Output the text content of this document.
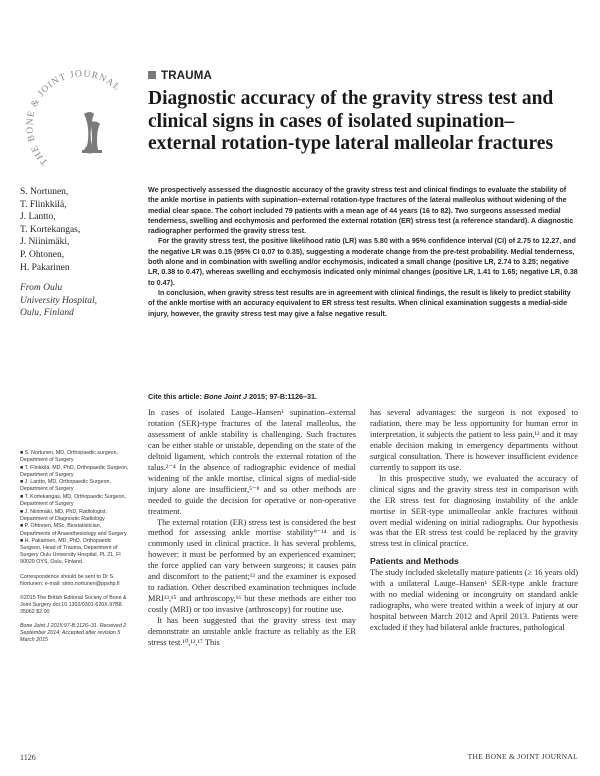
THE BONE & JOINT JOURNAL
TRAUMA
Diagnostic accuracy of the gravity stress test and clinical signs in cases of isolated supination–external rotation-type lateral malleolar fractures
S. Nortunen,
T. Flinkkilä,
J. Lantto,
T. Kortekangas,
J. Niinimäki,
P. Ohtonen,
H. Pakarinen
From Oulu
University Hospital,
Oulu, Finland

We prospectively assessed the diagnostic accuracy of the gravity stress test and clinical findings to evaluate the stability of the ankle mortise in patients with supination–external rotation-type fractures of the lateral malleolus without widening of the medial clear space. The cohort included 79 patients with a mean age of 44 years (16 to 82). Two surgeons assessed medial tenderness, swelling and ecchymosis and performed the external rotation (ER) stress test (a reference standard). A diagnostic radiographer performed the gravity stress test.

For the gravity stress test, the positive likelihood ratio (LR) was 5.80 with a 95% confidence interval (CI) of 2.75 to 12.27, and the negative LR was 0.15 (95% CI 0.07 to 0.35), suggesting a moderate change from the pre-test probability. Medial tenderness, both alone and in combination with swelling and/or ecchymosis, indicated a small change (positive LR, 2.74 to 3.25; negative LR, 0.38 to 0.47), whereas swelling and ecchymosis indicated only minimal changes (positive LR, 1.41 to 1.65; negative LR, 0.38 to 0.47).

In conclusion, when gravity stress test results are in agreement with clinical findings, the result is likely to predict stability of the ankle mortise with an accuracy equivalent to ER stress test results. When clinical examination suggests a medial-side injury, however, the gravity stress test may give a false negative result.

Cite this article: Bone Joint J 2015; 97-B:1126–31.

In cases of isolated Lauge–Hansen¹ supination–external rotation (SER)-type fractures of the lateral malleolus, the assessment of ankle stability is challenging. Such fractures can be either stable or unstable, depending on the state of the deltoid ligament, which controls the external rotation of the talus.²⁻⁴ In the absence of radiographic evidence of medial widening of the ankle mortise, clinical signs of medial-side injury alone are insufficient,⁵⁻⁸ and so other methods are needed to guide the decision for operative or non-operative treatment.

The external rotation (ER) stress test is considered the best method for assessing ankle mortise stability⁹⁻¹⁴ and is commonly used in clinical practice. It has several problems, however: it must be performed by an experienced examiner; the force applied can vary between surgeons; it causes pain and discomfort to the patient;¹² and the examiner is exposed to radiation. Other described examination techniques include MRI¹³,¹⁵ and arthroscopy,¹⁶ but these methods are either too costly (MRI) or too invasive (arthroscopy) for routine use.

It has been suggested that the gravity stress test may demonstrate an unstable ankle fracture as reliably as the ER stress test.¹⁰,¹²,¹⁷ This

has several advantages: the surgeon is not exposed to radiation, there may be less opportunity for human error in interpretation, it subjects the patient to less pain,¹² and it may enable decision making in emergency departments without surgical consultation. There is however insufficient evidence currently to support its use.

In this prospective study, we evaluated the accuracy of clinical signs and the gravity stress test in comparison with the ER stress test for diagnosing instability of the ankle mortise in SER-type unimalleolar ankle fractures without overt medial widening on initial radiographs. Our hypothesis was that the ER stress test could be replaced by the gravity stress test in clinical practice.

Patients and Methods

The study included skeletally mature patients (≥ 16 years old) with a unilateral Lauge–Hansen¹ SER-type ankle fracture with no medial widening or incongruity on standard ankle radiographs, who were treated within a week of injury at our hospital between March 2012 and April 2013. Patients were excluded if they had bilateral ankle fractures, pathological

■ S. Nortunen, MD, Orthopaedic surgeon, Department of Surgery
■ T. Flinkkilä, MD, PhD, Orthopaedic Surgeon, Department of Surgery
■ J. Lantto, MD, Orthopaedic Surgeon, Department of Surgery
■ T. Kortekangas, MD, Orthopaedic Surgeon, Department of Surgery
■ J. Niinimäki, MD, PhD, Radiologist, Department of Diagnostic Radiology
■ P. Ohtonen, MSc, Biostatistician, Departments of Anaesthesiology and Surgery
■ H. Pakarinen, MD, PhD, Orthopaedic Surgeon, Head of Trauma, Department of Surgery Oulu University Hospital, PL 21, FI 90029 OYS, Oulu, Finland.
Correspondence should be sent to Dr S. Nortunen; e-mail: simo.nortunen@ppshp.fi
©2015 The British Editorial Society of Bone & Joint Surgery doi:10.1302/0301-620X.97B8. 35062 $2.00
Bone Joint J 2015;97-B:1126–31. Received 2 September 2014; Accepted after revision 5 March 2015
1126	THE BONE & JOINT JOURNAL
